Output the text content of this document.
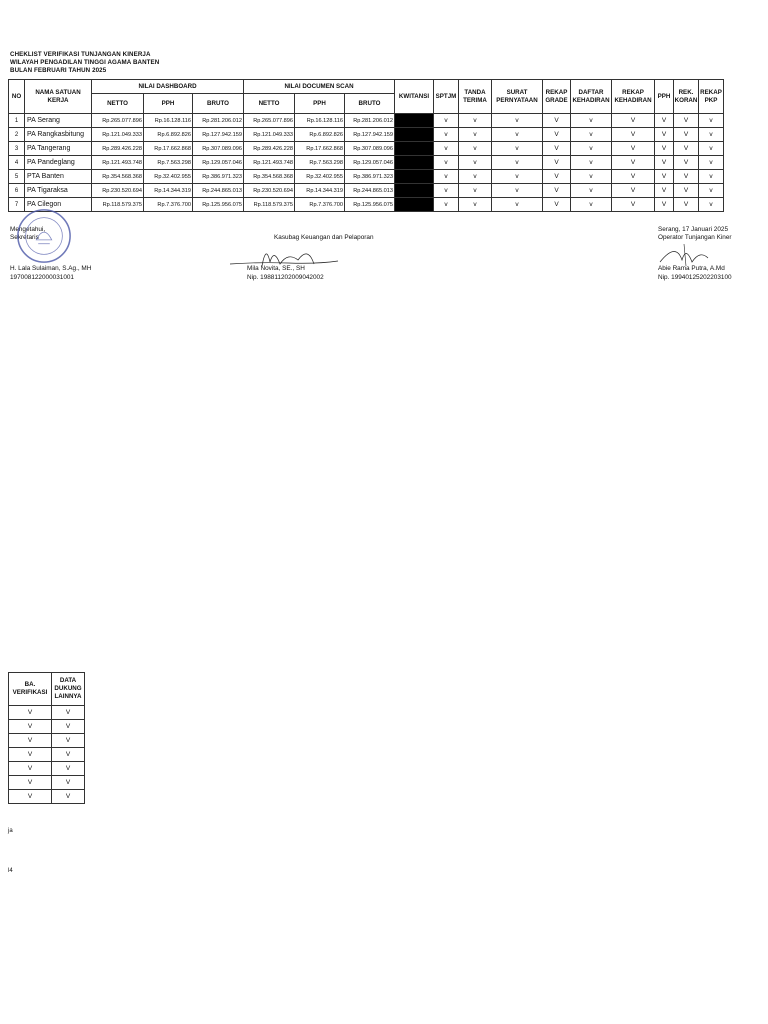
CHEKLIST VERIFIKASI TUNJANGAN KINERJA
WILAYAH PENGADILAN TINGGI AGAMA BANTEN
BULAN FEBRUARI TAHUN 2025
NO	NAMA SATUAN KERJA	NILAI DASHBOARD			NILAI DOCUMEN SCAN			KWITANSI	SPTJM	TANDA TERIMA	SURAT PERNYATAAN	REKAP GRADE	DAFTAR KEHADIRAN	REKAP KEHADIRAN	PPH	REK. KORAN	REKAP PKP
		NETTO	PPH	BRUTO	NETTO	PPH	BRUTO										
1	PA Serang	Rp.265.077.896	Rp.16.128.116	Rp.281.206.012	Rp.265.077.896	Rp.16.128.116	Rp.281.206.012		v	v	v	V	v	V	V	V	v
2	PA Rangkasbitung	Rp.121.049.333	Rp.6.892.826	Rp.127.942.159	Rp.121.049.333	Rp.6.892.826	Rp.127.942.159		v	v	v	V	v	V	V	V	v
3	PA Tangerang	Rp.289.426.228	Rp.17.662.868	Rp.307.089.096	Rp.289.426.228	Rp.17.662.868	Rp.307.089.096		v	v	v	V	v	V	V	V	v
4	PA Pandeglang	Rp.121.493.748	Rp.7.563.298	Rp.129.057.046	Rp.121.493.748	Rp.7.563.298	Rp.129.057.046		v	v	v	V	v	V	V	V	v
5	PTA Banten	Rp.354.568.368	Rp.32.402.955	Rp.386.971.323	Rp.354.568.368	Rp.32.402.955	Rp.386.971.323		v	v	v	V	v	V	V	V	v
6	PA Tigaraksa	Rp.230.520.694	Rp.14.344.319	Rp.244.865.013	Rp.230.520.694	Rp.14.344.319	Rp.244.865.013		v	v	v	V	v	V	V	V	v
7	PA Cilegon	Rp.118.579.375	Rp.7.376.700	Rp.125.956.075	Rp.118.579.375	Rp.7.376.700	Rp.125.956.075		v	v	v	V	v	V	V	V	v
Mengetahui,
Sekretaris
H. Lala Sulaiman, S.Ag., MH
197008122000031001
Kasubag Keuangan dan Pelaporan
Mila Novita, SE., SH
Nip. 198811202009042002
Serang, 17 Januari 2025
Operator Tunjangan Kiner
Abie Rama Putra, A.Md
Nip. 19940125202203100
BA. VERIFIKASI	DATA DUKUNG LAINNYA
V	V
V	V
V	V
V	V
V	V
V	V
V	V
ja
l4
